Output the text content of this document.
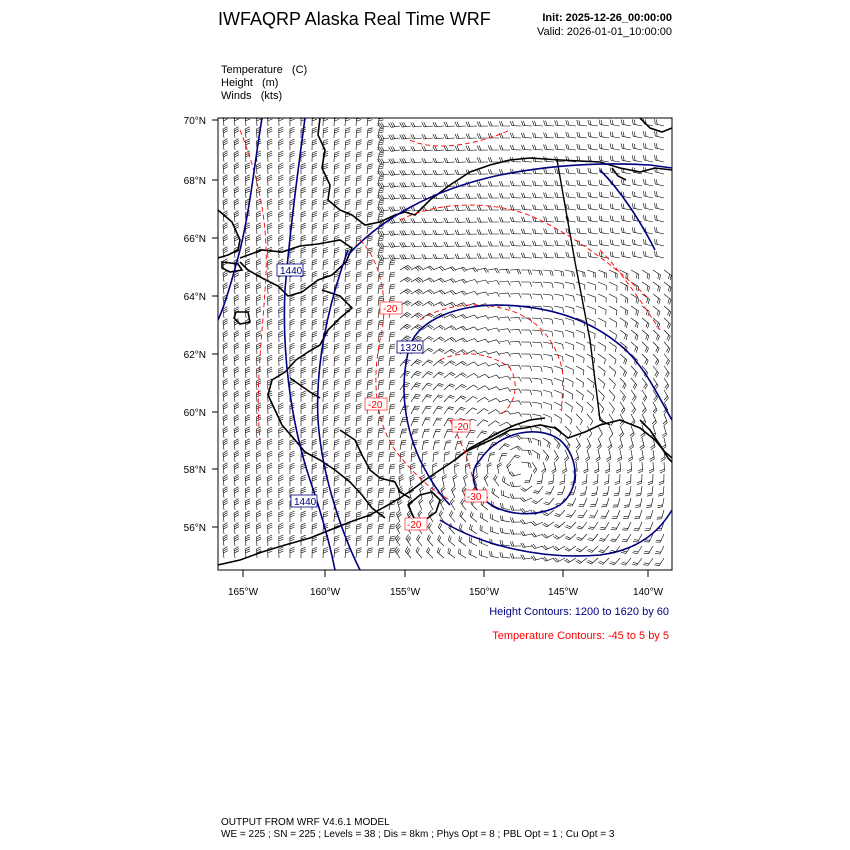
IWFAQRP Alaska Real Time WRF	Init: 2025-12-26_00:00:00
Valid: 2026-01-01_10:00:00
Temperature   (C)
Height   (m)
Winds   (kts)
1440
1320
1440
-20
-20
-20
-30
-20
70°N
68°N
66°N
64°N
62°N
60°N
58°N
56°N
165°W	160°W	155°W	150°W	145°W	140°W
Height Contours: 1200 to 1620 by 60
Temperature Contours: -45 to 5 by 5
OUTPUT FROM WRF V4.6.1 MODEL
WE = 225 ; SN = 225 ; Levels = 38 ; Dis = 8km ; Phys Opt = 8 ; PBL Opt = 1 ; Cu Opt = 3
